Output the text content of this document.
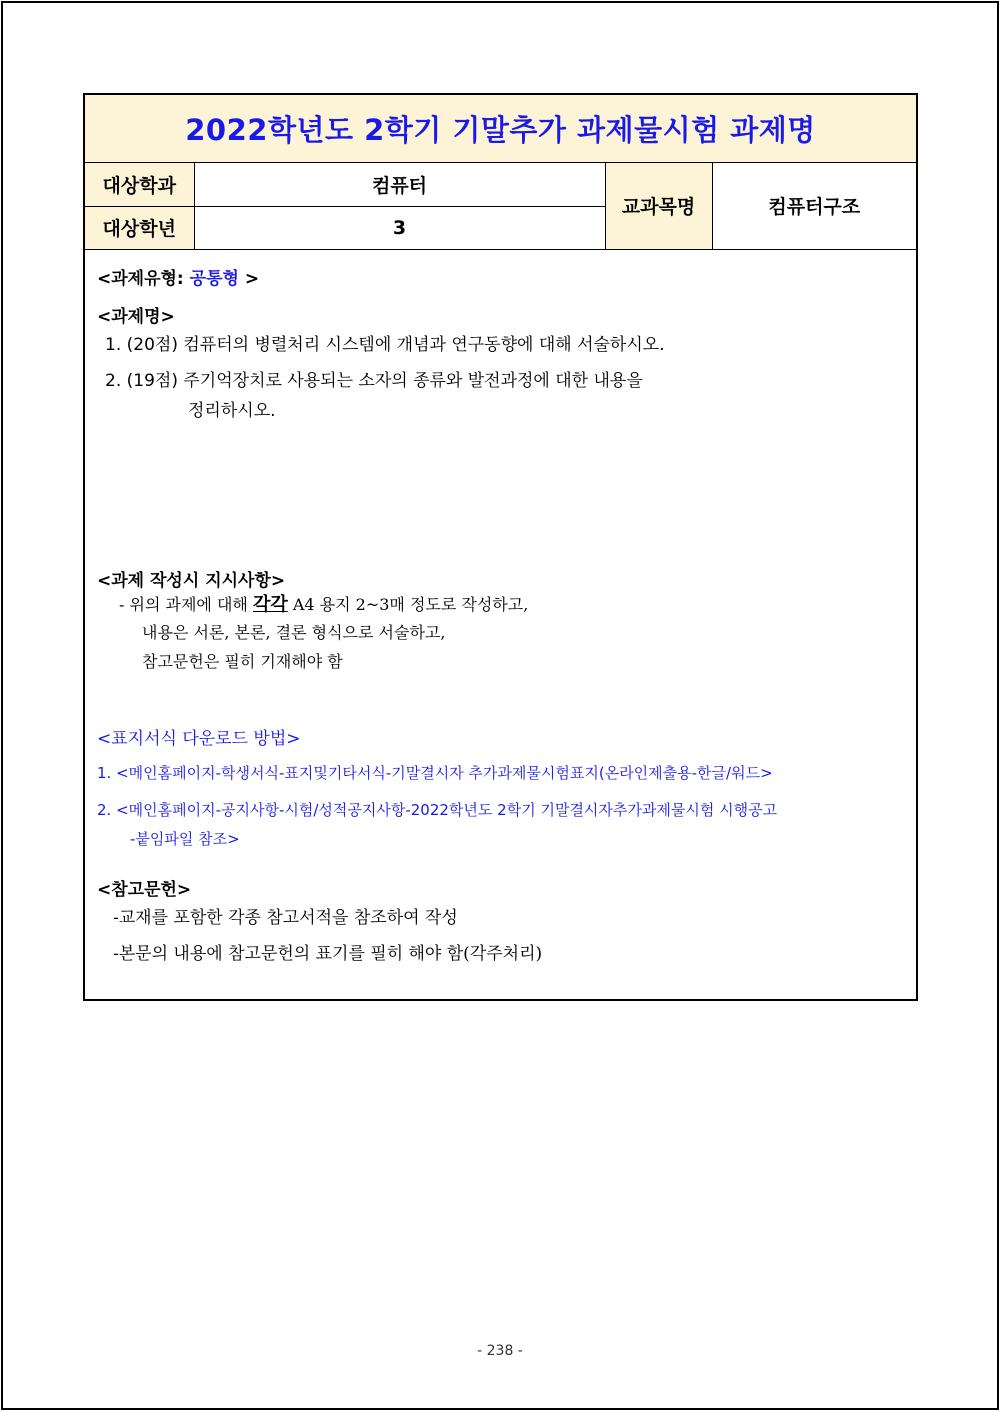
2022학년도 2학기 기말추가 과제물시험 과제명
대상학과	컴퓨터	교과목명	컴퓨터구조
대상학년	3		
<과제유형: 공통형 >
<과제명>
1. (20점) 컴퓨터의 병렬처리 시스템에 개념과 연구동향에 대해 서술하시오.
2. (19점) 주기억장치로 사용되는 소자의 종류와 발전과정에 대한 내용을
정리하시오.
<과제 작성시 지시사항>
- 위의 과제에 대해 각각 A4 용지 2~3매 정도로 작성하고,
내용은 서론, 본론, 결론 형식으로 서술하고,
참고문헌은 필히 기재해야 함
<표지서식 다운로드 방법>
1. <메인홈페이지-학생서식-표지및기타서식-기말결시자 추가과제물시험표지(온라인제출용-한글/워드>
2. <메인홈페이지-공지사항-시험/성적공지사항-2022학년도 2학기 기말결시자추가과제물시험 시행공고
-붙임파일 참조>
<참고문헌>
-교재를 포함한 각종 참고서적을 참조하여 작성
-본문의 내용에 참고문헌의 표기를 필히 해야 함(각주처리)
- 238 -
